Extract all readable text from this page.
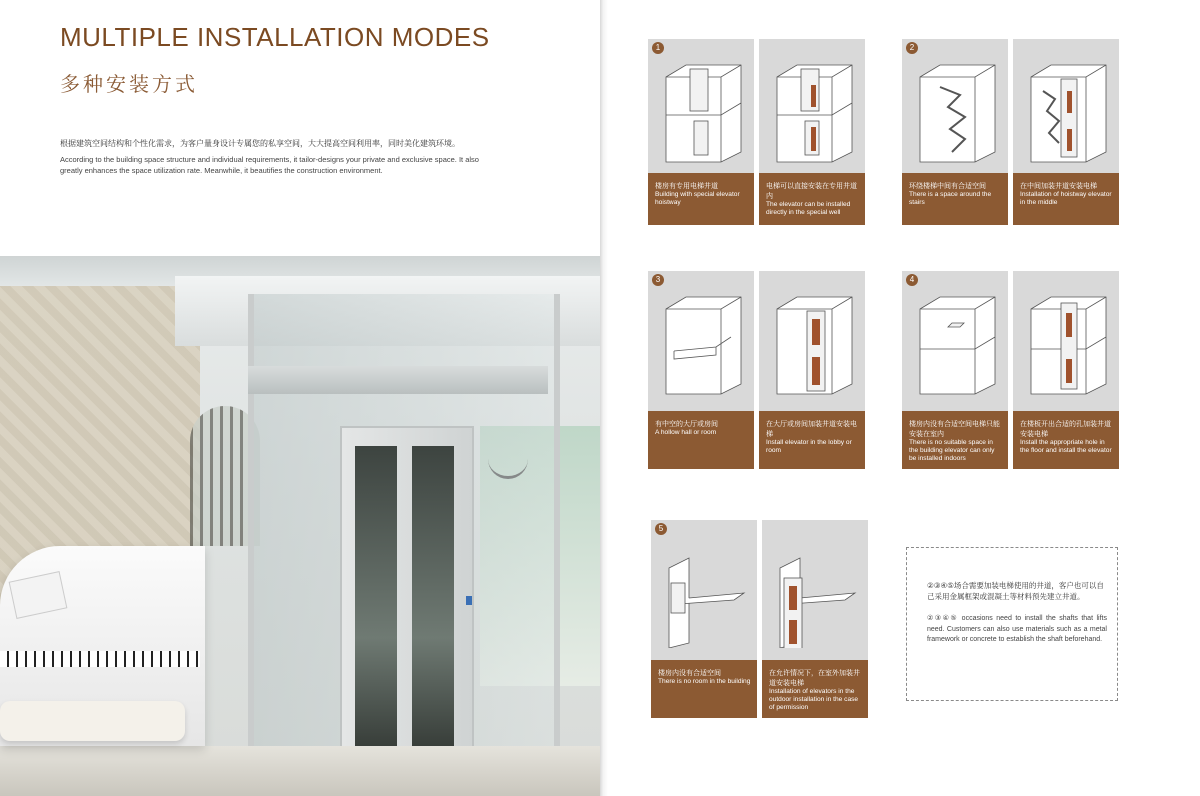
MULTIPLE INSTALLATION MODES
多种安装方式
根据建筑空间结构和个性化需求，为客户量身设计专属您的私享空间，大大提高空间利用率，同时美化建筑环境。
According to the building space structure and individual requirements, it tailor-designs your private and exclusive space. It also greatly enhances the space utilization rate. Meanwhile, it beautifies the construction environment.
1
楼房有专用电梯井道
Building with special elevator hoistway
电梯可以直接安装在专用井道内
The elevator can be installed directly in the special well
2
环绕楼梯中间有合适空间
There is a space around the stairs
在中间加装井道安装电梯
Installation of hoistway elevator in the middle
3
有中空的大厅或房间
A hollow hall or room
在大厅或房间加装井道安装电梯
Install elevator in the lobby or room
4
楼房内没有合适空间电梯只能安装在室内
There is no suitable space in the building elevator can only be installed indoors
在楼板开出合适的孔加装井道安装电梯
Install the appropriate hole in the floor and install the elevator
5
楼房内没有合适空间
There is no room in the building
在允许情况下，在室外加装井道安装电梯
Installation of elevators in the outdoor installation in the case of permission
②③④⑤场合需要加装电梯使用的井道，客户也可以自己采用金属框架或混凝土等材料预先建立井道。
②③④⑤ occasions need to install the shafts that lifts need. Customers can also use materials such as a metal framework or concrete to establish the shaft beforehand.
